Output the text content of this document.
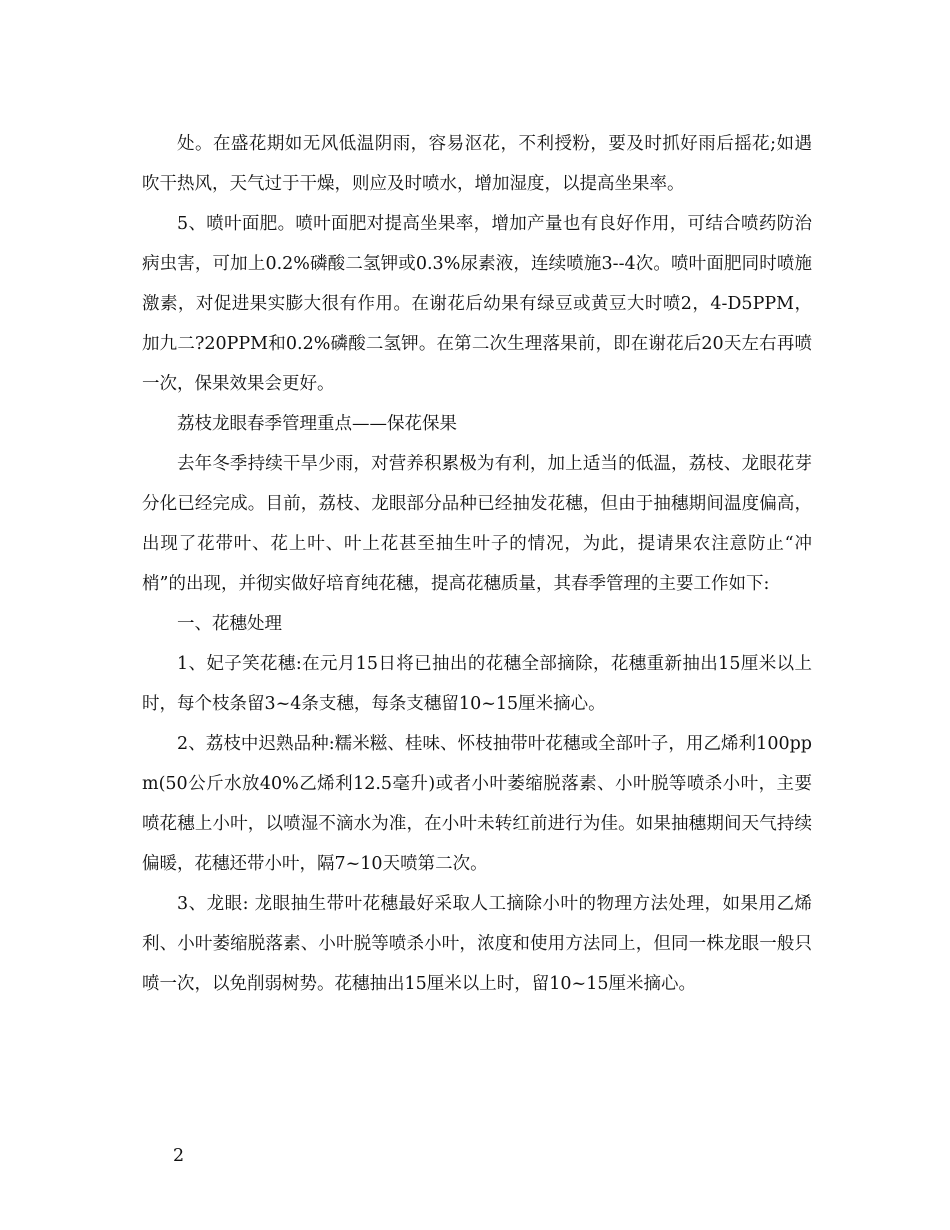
处。在盛花期如无风低温阴雨，容易沤花，不利授粉，要及时抓好雨后摇花;如遇吹干热风，天气过于干燥，则应及时喷水，增加湿度，以提高坐果率。

5、喷叶面肥。喷叶面肥对提高坐果率，增加产量也有良好作用，可结合喷药防治病虫害，可加上0.2%磷酸二氢钾或0.3%尿素液，连续喷施3--4次。喷叶面肥同时喷施激素，对促进果实膨大很有作用。在谢花后幼果有绿豆或黄豆大时喷2，4-D5PPM，加九二?20PPM和0.2%磷酸二氢钾。在第二次生理落果前，即在谢花后20天左右再喷一次，保果效果会更好。

荔枝龙眼春季管理重点——保花保果

去年冬季持续干旱少雨，对营养积累极为有利，加上适当的低温，荔枝、龙眼花芽分化已经完成。目前，荔枝、龙眼部分品种已经抽发花穗，但由于抽穗期间温度偏高，出现了花带叶、花上叶、叶上花甚至抽生叶子的情况，为此，提请果农注意防止“冲梢”的出现，并彻实做好培育纯花穗，提高花穗质量，其春季管理的主要工作如下:

一、花穗处理

1、妃子笑花穗:在元月15日将已抽出的花穗全部摘除，花穗重新抽出15厘米以上时，每个枝条留3~4条支穗，每条支穗留10~15厘米摘心。

2、荔枝中迟熟品种:糯米糍、桂味、怀枝抽带叶花穗或全部叶子，用乙烯利100ppm(50公斤水放40%乙烯利12.5毫升)或者小叶萎缩脱落素、小叶脱等喷杀小叶，主要喷花穗上小叶，以喷湿不滴水为准，在小叶未转红前进行为佳。如果抽穗期间天气持续偏暖，花穗还带小叶，隔7~10天喷第二次。

3、龙眼: 龙眼抽生带叶花穗最好采取人工摘除小叶的物理方法处理，如果用乙烯利、小叶萎缩脱落素、小叶脱等喷杀小叶，浓度和使用方法同上，但同一株龙眼一般只喷一次，以免削弱树势。花穗抽出15厘米以上时，留10~15厘米摘心。

2
